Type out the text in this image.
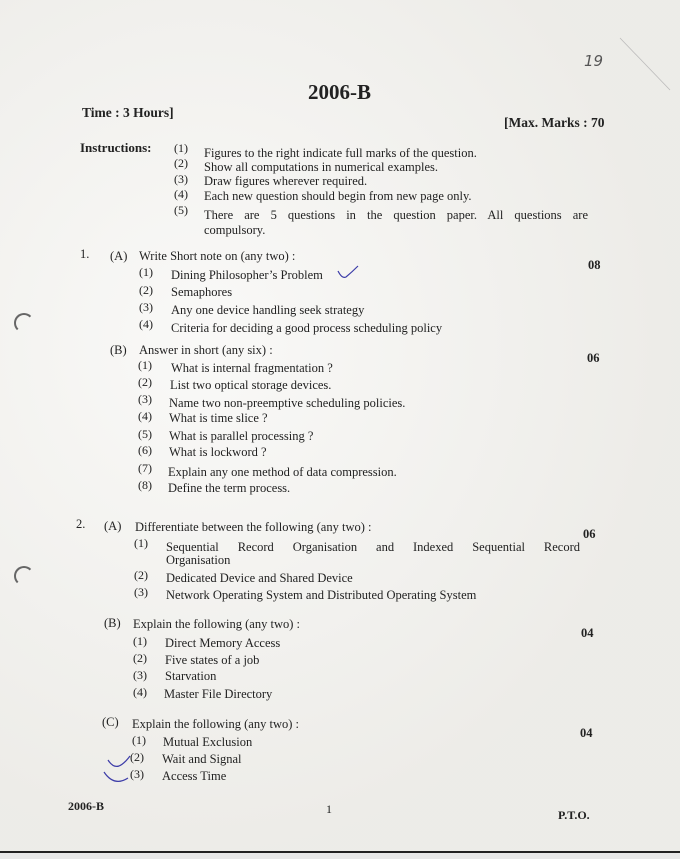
19
2006-B
Time : 3 Hours]
[Max. Marks : 70
Instructions: (1) Figures to the right indicate full marks of the question.
(2) Show all computations in numerical examples.
(3) Draw figures wherever required.
(4) Each new question should begin from new page only.
(5) There are 5 questions in the question paper. All questions are
compulsory.
1. (A) Write Short note on (any two) :
08
(1) Dining Philosopher’s Problem
(2) Semaphores
(3) Any one device handling seek strategy
(4) Criteria for deciding a good process scheduling policy
(B) Answer in short (any six) :
06
(1) What is internal fragmentation ?
(2) List two optical storage devices.
(3) Name two non-preemptive scheduling policies.
(4) What is time slice ?
(5) What is parallel processing ?
(6) What is lockword ?
(7) Explain any one method of data compression.
(8) Define the term process.
2. (A) Differentiate between the following (any two) :	06
(1) Sequential Record Organisation and Indexed Sequential Record
Organisation
(2) Dedicated Device and Shared Device
(3) Network Operating System and Distributed Operating System
(B) Explain the following (any two) :
04
(1) Direct Memory Access
(2) Five states of a job
(3) Starvation
(4) Master File Directory
(C) Explain the following (any two) :
04
(1) Mutual Exclusion
(2) Wait and Signal
(3) Access Time
2006-B	1	P.T.O.
